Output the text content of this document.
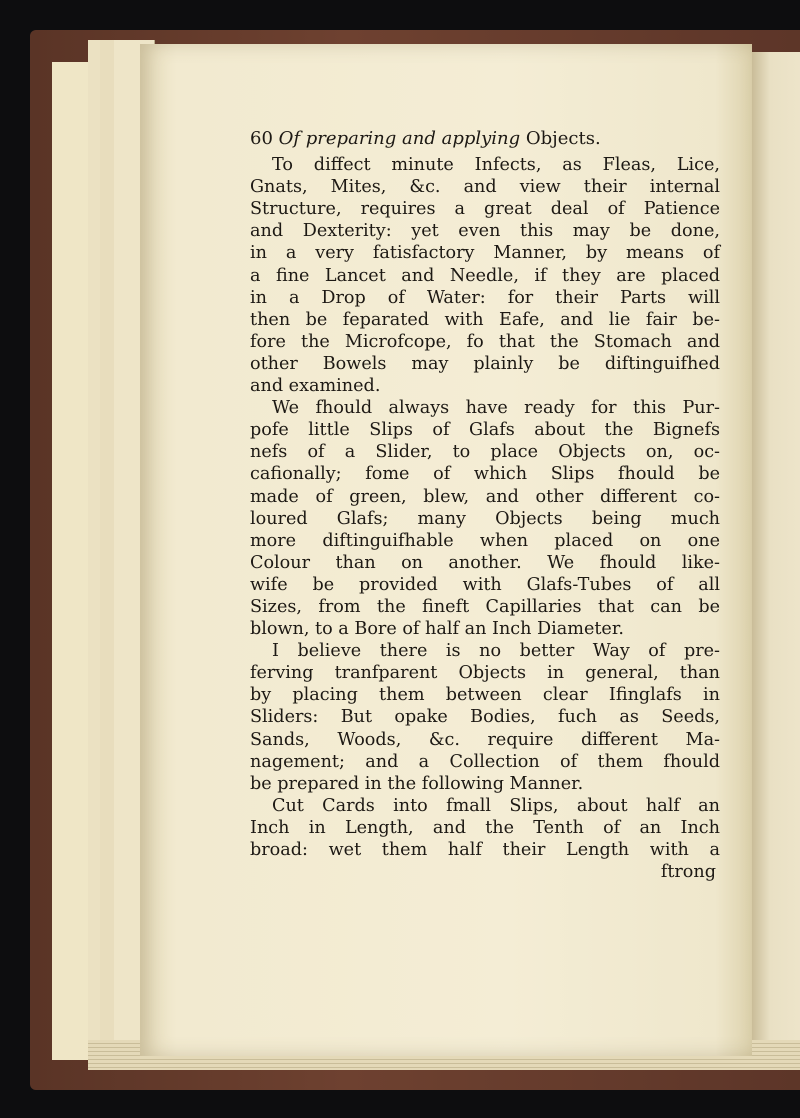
60 Of preparing and applying Objects.
To diffect minute Infects, as Fleas, Lice,
Gnats, Mites, &c. and view their internal
Structure, requires a great deal of Patience
and Dexterity: yet even this may be done,
in a very fatisfactory Manner, by means of
a fine Lancet and Needle, if they are placed
in a Drop of Water: for their Parts will
then be feparated with Eafe, and lie fair be-
fore the Microfcope, fo that the Stomach and
other Bowels may plainly be diftinguifhed
and examined.
We fhould always have ready for this Pur-
pofe little Slips of Glafs about the Bignefs
nefs of a Slider, to place Objects on, oc-
cafionally; fome of which Slips fhould be
made of green, blew, and other different co-
loured Glafs; many Objects being much
more diftinguifhable when placed on one
Colour than on another. We fhould like-
wife be provided with Glafs-Tubes of all
Sizes, from the fineft Capillaries that can be
blown, to a Bore of half an Inch Diameter.
I believe there is no better Way of pre-
ferving tranfparent Objects in general, than
by placing them between clear Ifinglafs in
Sliders: But opake Bodies, fuch as Seeds,
Sands, Woods, &c. require different Ma-
nagement; and a Collection of them fhould
be prepared in the following Manner.
Cut Cards into fmall Slips, about half an
Inch in Length, and the Tenth of an Inch
broad: wet them half their Length with a
ftrong
